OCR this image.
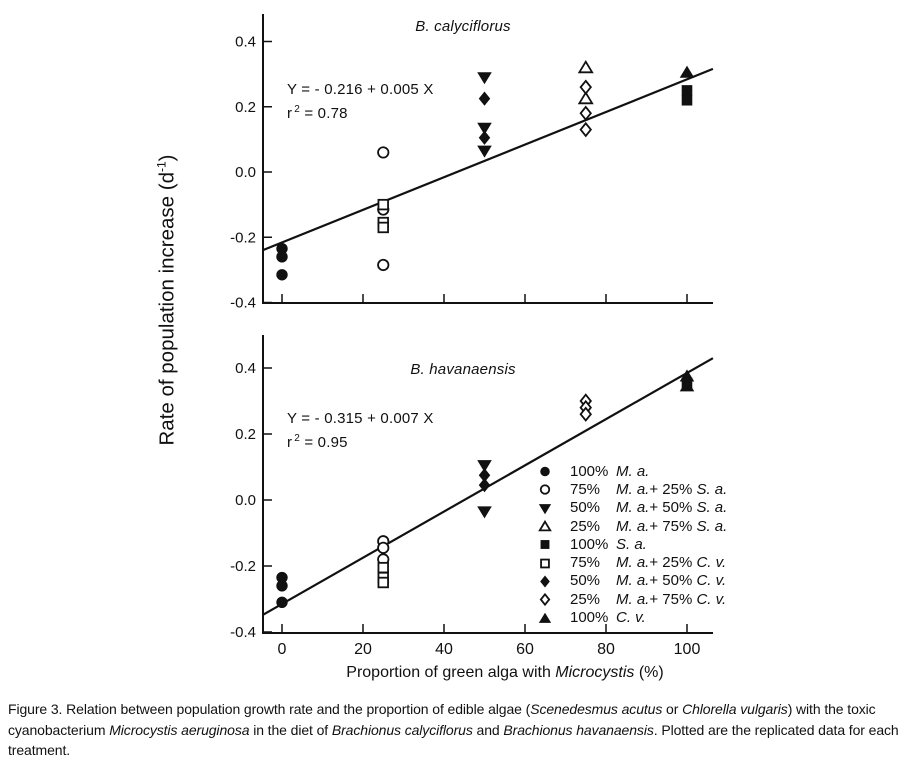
0.4
0.2
0.0
-0.2
-0.4
0.4
0.2
0.0
-0.2
-0.4
0	20	40	60	80	100
Rate of population increase $(d^{-1})$
B. calyciflorus
Y = - 0.216 + 0.005 X
r $^2$ = 0.78
B. havanaensis
Y = - 0.315 + 0.007 X
r $^2$ = 0.95
100% M. a.
75%	M. a.+ 25% S. a.
50%	M. a.+ 50% S. a.
25%	M. a.+ 75% S. a.
100% S. a.
75%	M. a.+ 25% C. v.
50%	M. a.+ 50% C. v.
25%	M. a.+ 75% C. v.
100% C. v.
Proportion of green alga with Microcystis (%)
Figure 3. Relation between population growth rate and the proportion of edible algae (Scenedesmus acutus or Chlorella vulgaris) with the toxic cyanobacterium Microcystis aeruginosa in the diet of Brachionus calyciflorus and Brachionus havanaensis. Plotted are the replicated data for each treatment.
